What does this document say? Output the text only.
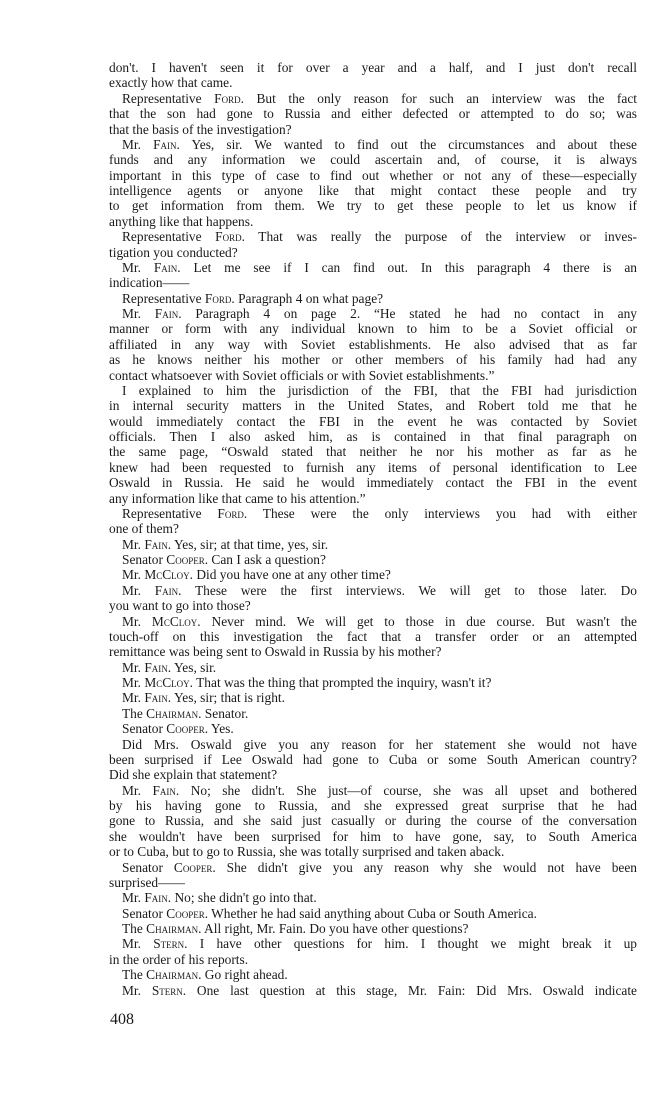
don't. I haven't seen it for over a year and a half, and I just don't recall
exactly how that came.
Representative Ford. But the only reason for such an interview was the fact
that the son had gone to Russia and either defected or attempted to do so; was
that the basis of the investigation?
Mr. Fain. Yes, sir. We wanted to find out the circumstances and about these
funds and any information we could ascertain and, of course, it is always
important in this type of case to find out whether or not any of these—especially
intelligence agents or anyone like that might contact these people and try
to get information from them. We try to get these people to let us know if
anything like that happens.
Representative Ford. That was really the purpose of the interview or inves-
tigation you conducted?
Mr. Fain. Let me see if I can find out. In this paragraph 4 there is an
indication——
Representative Ford. Paragraph 4 on what page?
Mr. Fain. Paragraph 4 on page 2. “He stated he had no contact in any
manner or form with any individual known to him to be a Soviet official or
affiliated in any way with Soviet establishments. He also advised that as far
as he knows neither his mother or other members of his family had had any
contact whatsoever with Soviet officials or with Soviet establishments.”
I explained to him the jurisdiction of the FBI, that the FBI had jurisdiction
in internal security matters in the United States, and Robert told me that he
would immediately contact the FBI in the event he was contacted by Soviet
officials. Then I also asked him, as is contained in that final paragraph on
the same page, “Oswald stated that neither he nor his mother as far as he
knew had been requested to furnish any items of personal identification to Lee
Oswald in Russia. He said he would immediately contact the FBI in the event
any information like that came to his attention.”
Representative Ford. These were the only interviews you had with either
one of them?
Mr. Fain. Yes, sir; at that time, yes, sir.
Senator Cooper. Can I ask a question?
Mr. McCloy. Did you have one at any other time?
Mr. Fain. These were the first interviews. We will get to those later. Do
you want to go into those?
Mr. McCloy. Never mind. We will get to those in due course. But wasn't the
touch-off on this investigation the fact that a transfer order or an attempted
remittance was being sent to Oswald in Russia by his mother?
Mr. Fain. Yes, sir.
Mr. McCloy. That was the thing that prompted the inquiry, wasn't it?
Mr. Fain. Yes, sir; that is right.
The Chairman. Senator.
Senator Cooper. Yes.
Did Mrs. Oswald give you any reason for her statement she would not have
been surprised if Lee Oswald had gone to Cuba or some South American country?
Did she explain that statement?
Mr. Fain. No; she didn't. She just—of course, she was all upset and bothered
by his having gone to Russia, and she expressed great surprise that he had
gone to Russia, and she said just casually or during the course of the conversation
she wouldn't have been surprised for him to have gone, say, to South America
or to Cuba, but to go to Russia, she was totally surprised and taken aback.
Senator Cooper. She didn't give you any reason why she would not have been
surprised——
Mr. Fain. No; she didn't go into that.
Senator Cooper. Whether he had said anything about Cuba or South America.
The Chairman. All right, Mr. Fain. Do you have other questions?
Mr. Stern. I have other questions for him. I thought we might break it up
in the order of his reports.
The Chairman. Go right ahead.
Mr. Stern. One last question at this stage, Mr. Fain: Did Mrs. Oswald indicate
408
